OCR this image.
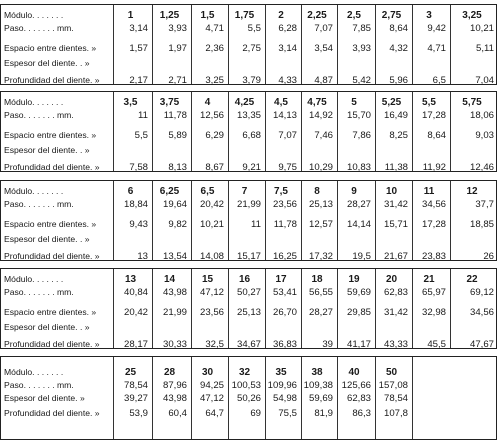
Módulo. . . . . . .
Paso. . . . . . . mm.
Espacio entre dientes. »
Espesor del diente. . »
Profundidad del diente. »
1
3,14
1,57
2,17
1,25
3,93
1,97
2,71
1,5
4,71
2,36
3,25
1,75
5,5
2,75
3,79
2
6,28
3,14
4,33
2,25
7,07
3,54
4,87
2,5
7,85
3,93
5,42
2,75
8,64
4,32
5,96
3
9,42
4,71
6,5
3,25
10,21
5,11
7,04
Módulo. . . . . . .
Paso. . . . . . . mm.
Espacio entre dientes. »
Espesor del diente. . »
Profundidad del diente. »
3,5
11
5,5
7,58
3,75
11,78
5,89
8,13
4
12,56
6,29
8,67
4,25
13,35
6,68
9,21
4,5
14,13
7,07
9,75
4,75
14,92
7,46
10,29
5
15,70
7,86
10,83
5,25
16,49
8,25
11,38
5,5
17,28
8,64
11,92
5,75
18,06
9,03
12,46
Módulo. . . . . . .
Paso. . . . . . . mm.
Espacio entre dientes. »
Espesor del diente. . »
Profundidad del diente. »
6
18,84
9,43
13
6,25
19,64
9,82
13,54
6,5
20,42
10,21
14,08
7
21,99
11
15,17
7,5
23,56
11,78
16,25
8
25,13
12,57
17,32
9
28,27
14,14
19,5
10
31,42
15,71
21,67
11
34,56
17,28
23,83
12
37,7
18,85
26
Módulo. . . . . . .
Paso. . . . . . . mm.
Espacio entre dientes. »
Espesor del diente. . »
Profundidad del diente. »
13
40,84
20,42
28,17
14
43,98
21,99
30,33
15
47,12
23,56
32,5
16
50,27
25,13
34,67
17
53,41
26,70
36,83
18
56,55
28,27
39
19
59,69
29,85
41,17
20
62,83
31,42
43,33
21
65,97
32,98
45,5
22
69,12
34,56
47,67
Módulo. . . . . . .
Paso. . . . . . . mm.
Espesor del diente. »
Profundidad del diente. »
25
78,54
39,27
53,9
28
87,96
43,98
60,4
30
94,25
47,12
64,7
32
100,53
50,26
69
35
109,96
54,98
75,5
38
109,38
59,69
81,9
40
125,66
62,83
86,3
50
157,08
78,54
107,8
